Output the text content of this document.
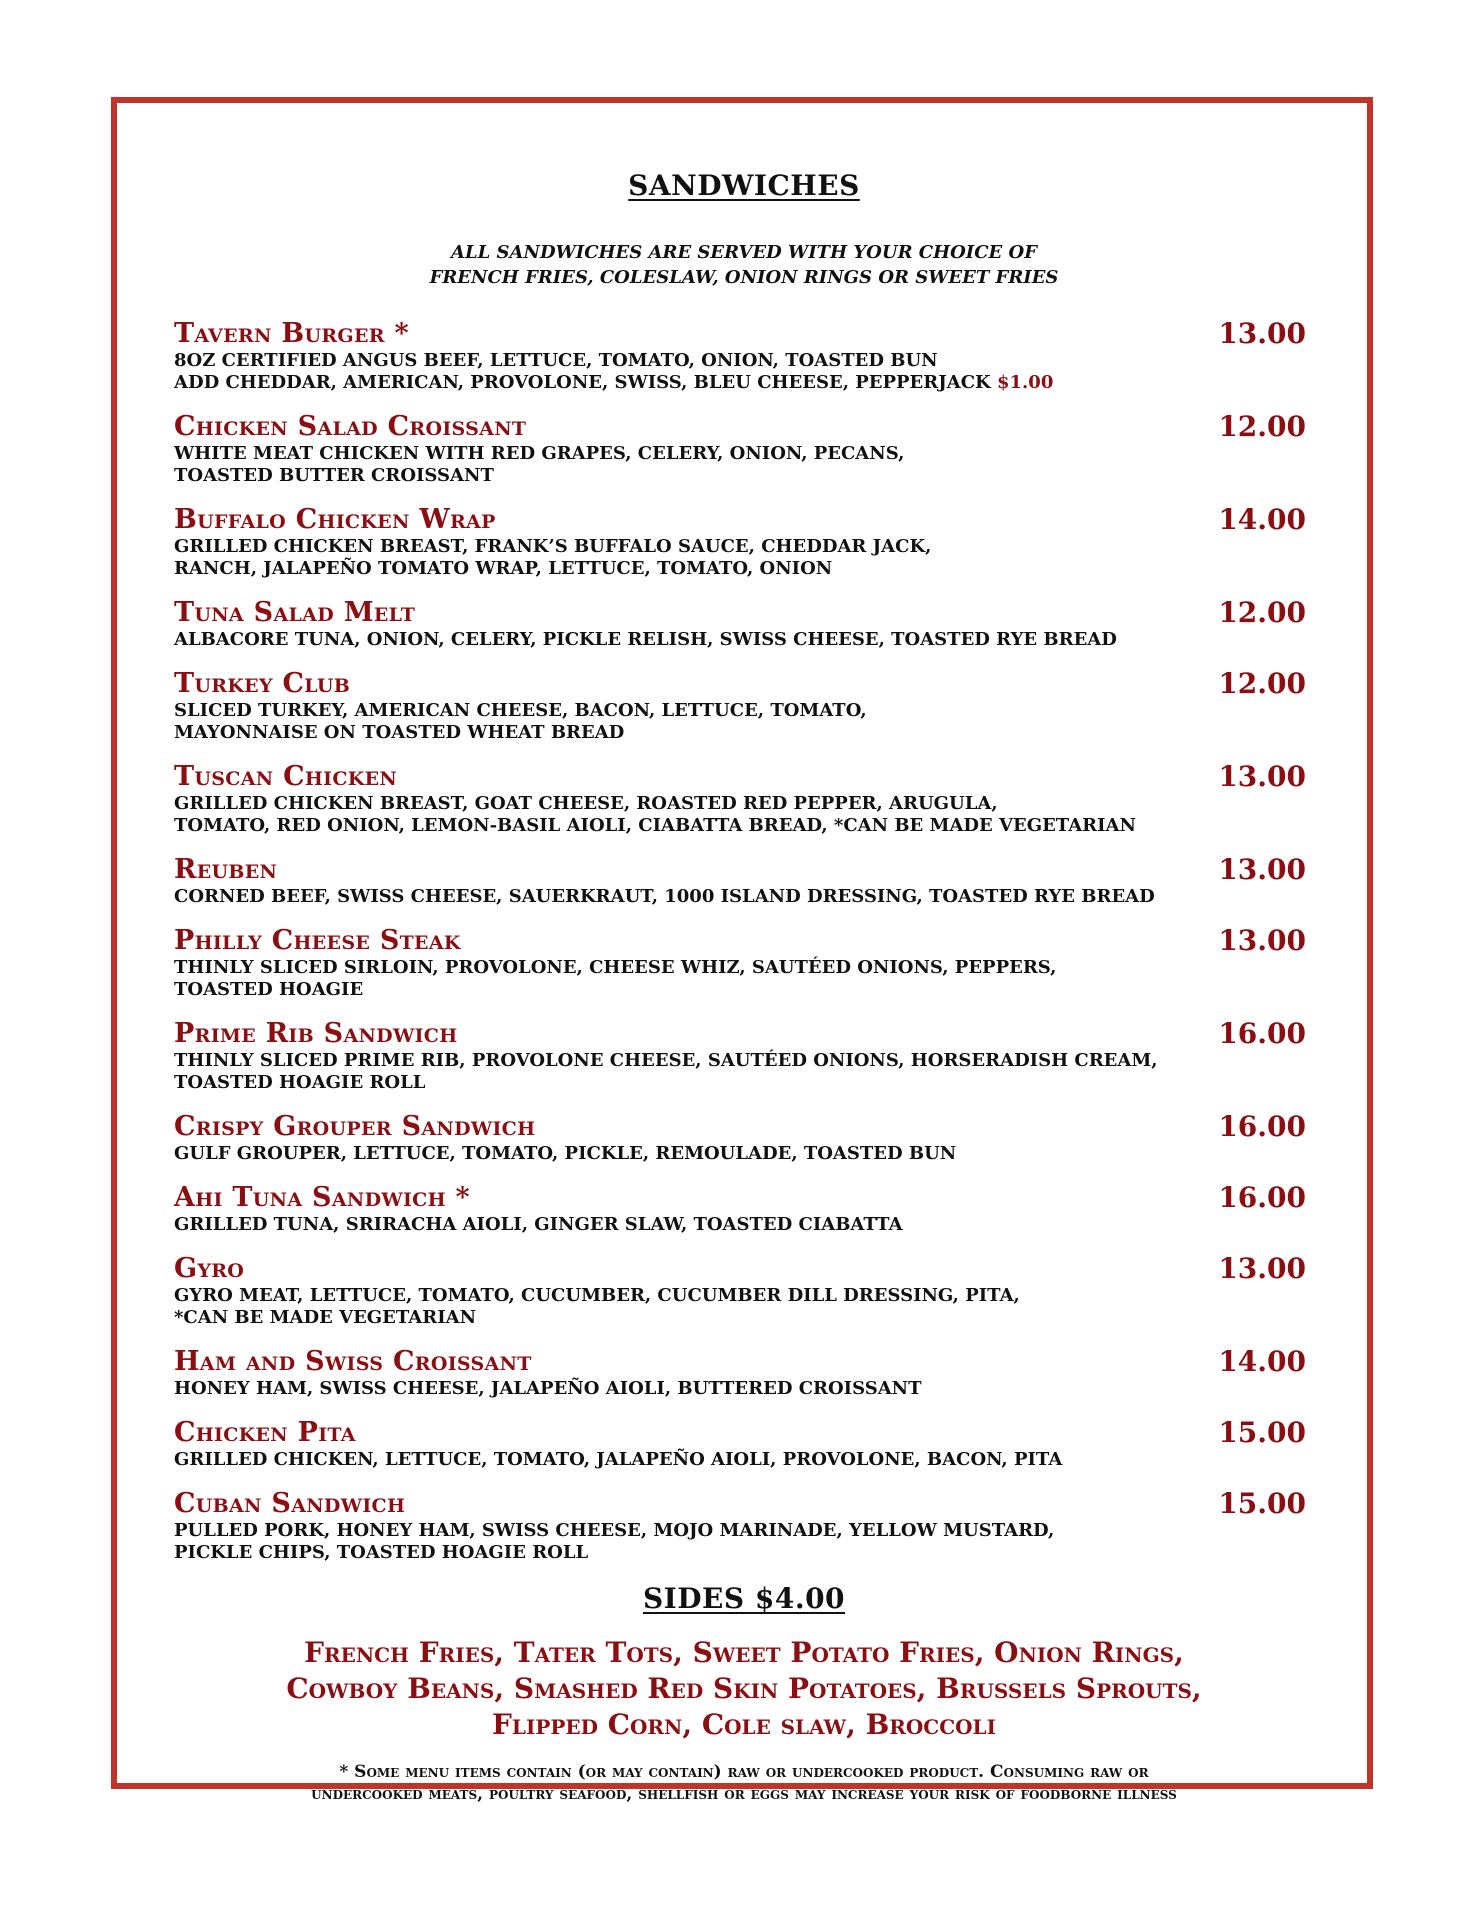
SANDWICHES
ALL SANDWICHES ARE SERVED WITH YOUR CHOICE OF
FRENCH FRIES, COLESLAW, ONION RINGS OR SWEET FRIES
Tavern Burger *
8OZ CERTIFIED ANGUS BEEF, LETTUCE, TOMATO, ONION, TOASTED BUN
ADD CHEDDAR, AMERICAN, PROVOLONE, SWISS, BLEU CHEESE, PEPPERJACK $1.00
13.00
Chicken Salad Croissant
WHITE MEAT CHICKEN WITH RED GRAPES, CELERY, ONION, PECANS,
TOASTED BUTTER CROISSANT
12.00
Buffalo Chicken Wrap
GRILLED CHICKEN BREAST, FRANK’S BUFFALO SAUCE, CHEDDAR JACK,
RANCH, JALAPEÑO TOMATO WRAP, LETTUCE, TOMATO, ONION
14.00
Tuna Salad Melt
ALBACORE TUNA, ONION, CELERY, PICKLE RELISH, SWISS CHEESE, TOASTED RYE BREAD
12.00
Turkey Club
SLICED TURKEY, AMERICAN CHEESE, BACON, LETTUCE, TOMATO,
MAYONNAISE ON TOASTED WHEAT BREAD
12.00
Tuscan Chicken
GRILLED CHICKEN BREAST, GOAT CHEESE, ROASTED RED PEPPER, ARUGULA,
TOMATO, RED ONION, LEMON-BASIL AIOLI, CIABATTA BREAD, *CAN BE MADE VEGETARIAN
13.00
Reuben
CORNED BEEF, SWISS CHEESE, SAUERKRAUT, 1000 ISLAND DRESSING, TOASTED RYE BREAD
13.00
Philly Cheese Steak
THINLY SLICED SIRLOIN, PROVOLONE, CHEESE WHIZ, SAUTÉED ONIONS, PEPPERS,
TOASTED HOAGIE
13.00
Prime Rib Sandwich
THINLY SLICED PRIME RIB, PROVOLONE CHEESE, SAUTÉED ONIONS, HORSERADISH CREAM,
TOASTED HOAGIE ROLL
16.00
Crispy Grouper Sandwich
GULF GROUPER, LETTUCE, TOMATO, PICKLE, REMOULADE, TOASTED BUN
16.00
Ahi Tuna Sandwich *
GRILLED TUNA, SRIRACHA AIOLI, GINGER SLAW, TOASTED CIABATTA
16.00
Gyro
GYRO MEAT, LETTUCE, TOMATO, CUCUMBER, CUCUMBER DILL DRESSING, PITA,
*CAN BE MADE VEGETARIAN
13.00
Ham and Swiss Croissant
HONEY HAM, SWISS CHEESE, JALAPEÑO AIOLI, BUTTERED CROISSANT
14.00
Chicken Pita
GRILLED CHICKEN, LETTUCE, TOMATO, JALAPEÑO AIOLI, PROVOLONE, BACON, PITA
15.00
Cuban Sandwich
PULLED PORK, HONEY HAM, SWISS CHEESE, MOJO MARINADE, YELLOW MUSTARD,
PICKLE CHIPS, TOASTED HOAGIE ROLL
15.00
SIDES $4.00
French Fries, Tater Tots, Sweet Potato Fries, Onion Rings,
Cowboy Beans, Smashed Red Skin Potatoes, Brussels Sprouts,
Flipped Corn, Cole slaw, Broccoli
* Some menu items contain (or may contain) raw or undercooked product. Consuming raw or
undercooked meats, poultry seafood, shellfish or eggs may increase your risk of foodborne illness
